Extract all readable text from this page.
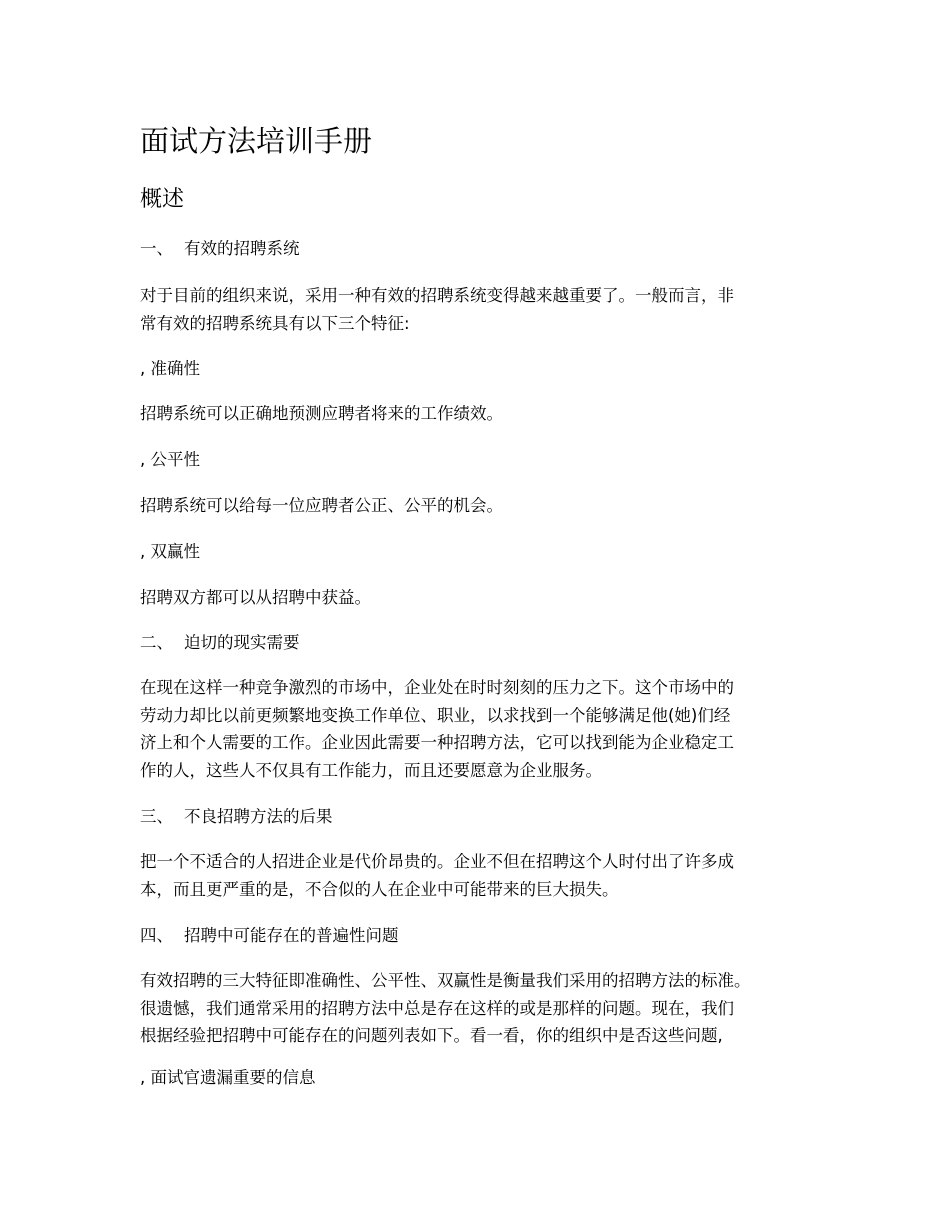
面试方法培训手册
概述
一、 有效的招聘系统
对于目前的组织来说，采用一种有效的招聘系统变得越来越重要了。一般而言，非
常有效的招聘系统具有以下三个特征:
, 准确性
招聘系统可以正确地预测应聘者将来的工作绩效。
, 公平性
招聘系统可以给每一位应聘者公正、公平的机会。
, 双赢性
招聘双方都可以从招聘中获益。
二、 迫切的现实需要
在现在这样一种竞争激烈的市场中，企业处在时时刻刻的压力之下。这个市场中的
劳动力却比以前更频繁地变换工作单位、职业，以求找到一个能够满足他(她)们经
济上和个人需要的工作。企业因此需要一种招聘方法，它可以找到能为企业稳定工
作的人，这些人不仅具有工作能力，而且还要愿意为企业服务。
三、 不良招聘方法的后果
把一个不适合的人招进企业是代价昂贵的。企业不但在招聘这个人时付出了许多成
本，而且更严重的是，不合似的人在企业中可能带来的巨大损失。
四、 招聘中可能存在的普遍性问题
有效招聘的三大特征即准确性、公平性、双赢性是衡量我们采用的招聘方法的标准。
很遗憾，我们通常采用的招聘方法中总是存在这样的或是那样的问题。现在，我们
根据经验把招聘中可能存在的问题列表如下。看一看，你的组织中是否这些问题,
, 面试官遗漏重要的信息
